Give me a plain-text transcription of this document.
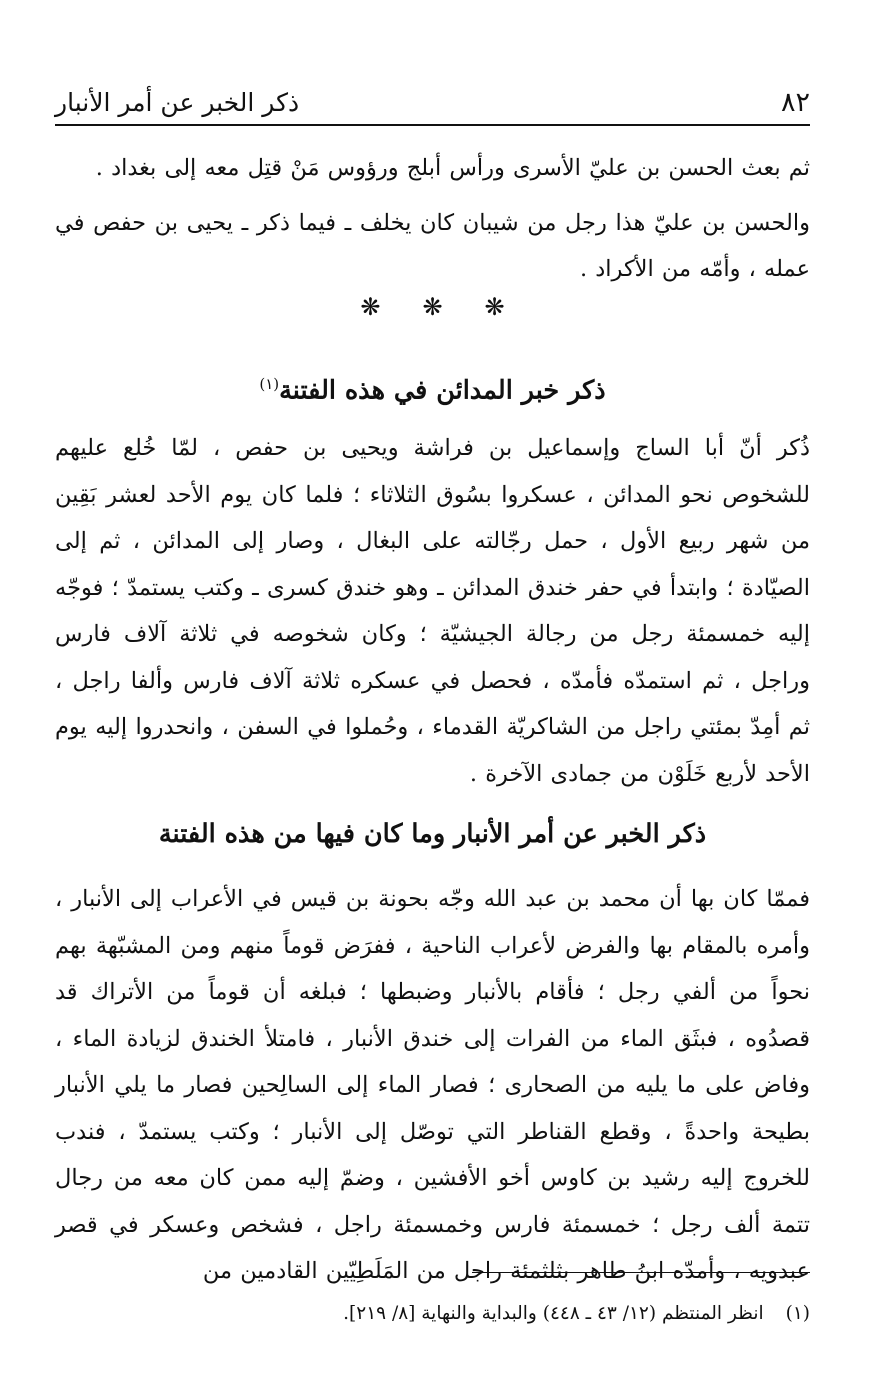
٨٢
ذكر الخبر عن أمر الأنبار

ثم بعث الحسن بن عليّ الأسرى ورأس أبلج ورؤوس مَنْ قتِل معه إلى بغداد .

والحسن بن عليّ هذا رجل من شيبان كان يخلف ـ فيما ذكر ـ يحيى بن حفص في عمله ، وأمّه من الأكراد .

❋ ❋ ❋
ذكر خبر المدائن في هذه الفتنة$^{(١)}$

ذُكر أنّ أبا الساج وإسماعيل بن فراشة ويحيى بن حفص ، لمّا خُلع عليهم للشخوص نحو المدائن ، عسكروا بسُوق الثلاثاء ؛ فلما كان يوم الأحد لعشر بَقِين من شهر ربيع الأول ، حمل رجّالته على البغال ، وصار إلى المدائن ، ثم إلى الصيّادة ؛ وابتدأ في حفر خندق المدائن ـ وهو خندق كسرى ـ وكتب يستمدّ ؛ فوجّه إليه خمسمئة رجل من رجالة الجيشيّة ؛ وكان شخوصه في ثلاثة آلاف فارس وراجل ، ثم استمدّه فأمدّه ، فحصل في عسكره ثلاثة آلاف فارس وألفا راجل ، ثم أمِدّ بمئتي راجل من الشاكريّة القدماء ، وحُملوا في السفن ، وانحدروا إليه يوم الأحد لأربع خَلَوْن من جمادى الآخرة .

ذكر الخبر عن أمر الأنبار وما كان فيها من هذه الفتنة

فممّا كان بها أن محمد بن عبد الله وجّه بحونة بن قيس في الأعراب إلى الأنبار ، وأمره بالمقام بها والفرض لأعراب الناحية ، ففرَض قوماً منهم ومن المشبّهة بهم نحواً من ألفي رجل ؛ فأقام بالأنبار وضبطها ؛ فبلغه أن قوماً من الأتراك قد قصدُوه ، فبثَق الماء من الفرات إلى خندق الأنبار ، فامتلأ الخندق لزيادة الماء ، وفاض على ما يليه من الصحارى ؛ فصار الماء إلى السالِحين فصار ما يلي الأنبار بطيحة واحدةً ، وقطع القناطر التي توصّل إلى الأنبار ؛ وكتب يستمدّ ، فندب للخروج إليه رشيد بن كاوس أخو الأفشين ، وضمّ إليه ممن كان معه من رجال تتمة ألف رجل ؛ خمسمئة فارس وخمسمئة راجل ، فشخص وعسكر في قصر عبدويه ، وأمدّه ابنُ طاهر بثلثمئة راجل من المَلَطِيّين القادمين من

(١)انظر المنتظم (١٢/ ٤٣ ـ ٤٤٨) والبداية والنهاية [٨/ ٢١٩].
